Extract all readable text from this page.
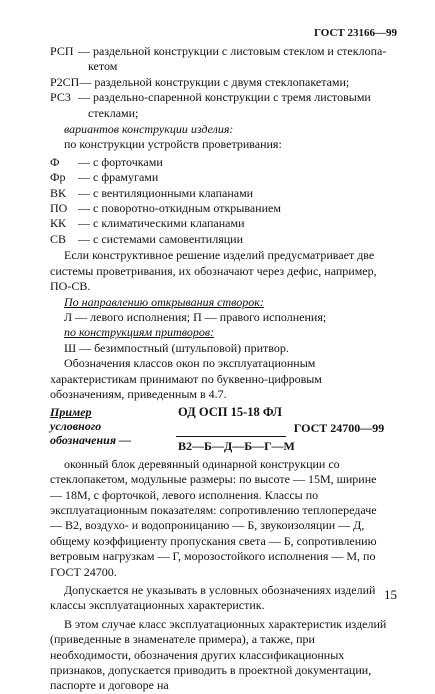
ГОСТ 23166—99
РСП — раздельной конструкции с листовым стеклом и стеклопа-
кетом
Р2СП — раздельной конструкции с двумя стеклопакетами;
РС3 — раздельно-спаренной конструкции с тремя листовыми
стеклами;

вариантов конструкции изделия:

по конструкции устройств проветривания:

Ф	— с форточками
Фр	— с фрамугами
ВК — с вентиляционными клапанами
ПО — с поворотно-откидным открыванием
КК — с климатическими клапанами
СВ — с системами самовентиляции

Если конструктивное решение изделий предусматривает две системы проветривания, их обозначают через дефис, например, ПО-СВ.

По направлению открывания створок:

Л — левого исполнения; П — правого исполнения;

по конструкциям притворов:

Ш — безимпостный (штульповой) притвор.

Обозначения классов окон по эксплуатационным характеристикам принимают по буквенно-цифровым обозначениям, приведенным в 4.7.

Пример
условного обозначения —
ОД ОСП 15-18 ФЛ
ГОСТ 24700—99
В2—Б—Д—Б—Г—М

оконный блок деревянный одинарной конструкции со стеклопакетом, модульные размеры: по высоте — 15М, ширине — 18М, с форточкой, левого исполнения. Классы по эксплуатационным показателям: сопротивлению теплопередаче — В2, воздухо- и водопроницанию — Б, звукоизоляции — Д, общему коэффициенту пропускания света — Б, сопротивлению ветровым нагрузкам — Г, морозостойкого исполнения — М, по ГОСТ 24700.

Допускается не указывать в условных обозначениях изделий классы эксплуатационных характеристик.

В этом случае класс эксплуатационных характеристик изделий (приведенные в знаменателе примера), а также, при необходимости, обозначения других классификационных признаков, допускается приводить в проектной документации, паспорте и договоре на

15
